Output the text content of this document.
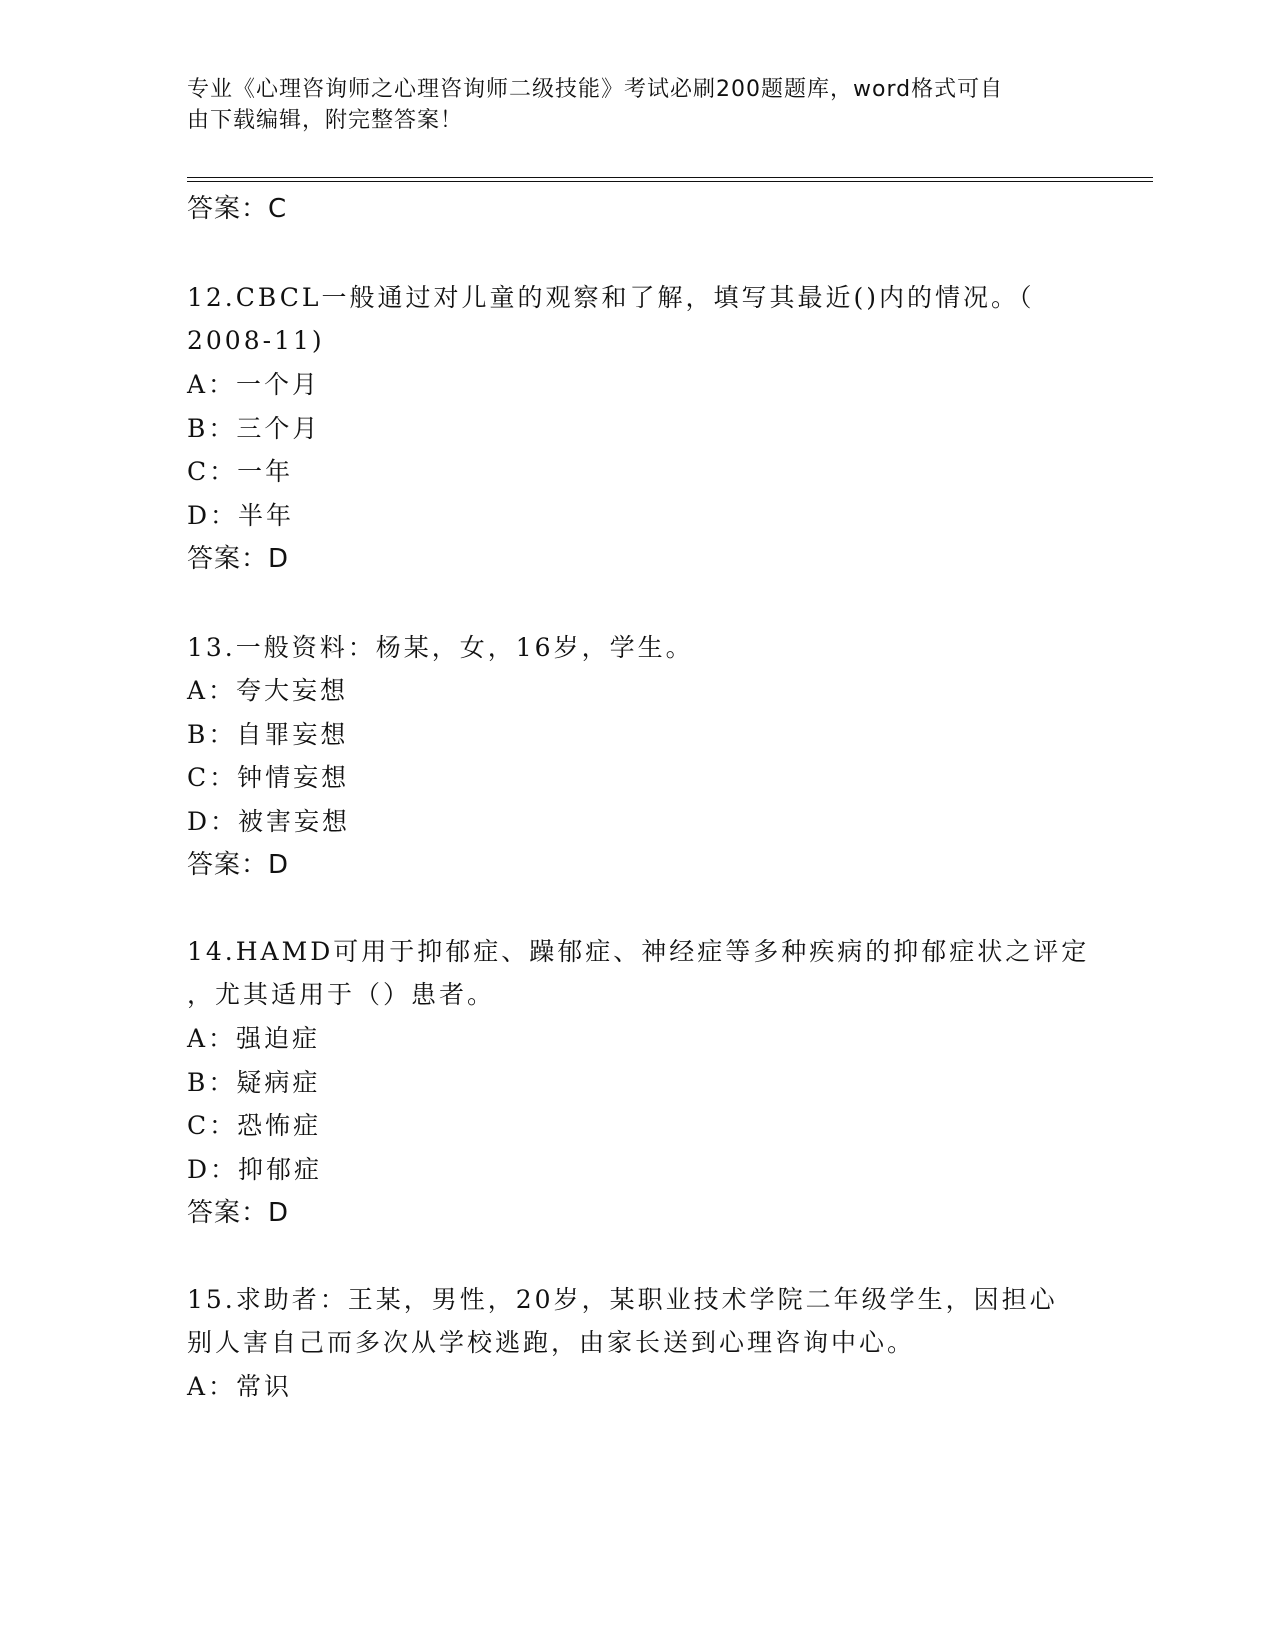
专业《心理咨询师之心理咨询师二级技能》考试必刷200题题库，word格式可自
由下载编辑，附完整答案！
答案：C
12.CBCL一般通过对儿童的观察和了解，填写其最近()内的情况。（
2008-11)
A：一个月
B：三个月
C：一年
D：半年
答案：D
13.一般资料：杨某，女，16岁，学生。
A：夸大妄想
B：自罪妄想
C：钟情妄想
D：被害妄想
答案：D
14.HAMD可用于抑郁症、躁郁症、神经症等多种疾病的抑郁症状之评定
，尤其适用于（）患者。
A：强迫症
B：疑病症
C：恐怖症
D：抑郁症
答案：D
15.求助者：王某，男性，20岁，某职业技术学院二年级学生，因担心
别人害自己而多次从学校逃跑，由家长送到心理咨询中心。
A：常识
